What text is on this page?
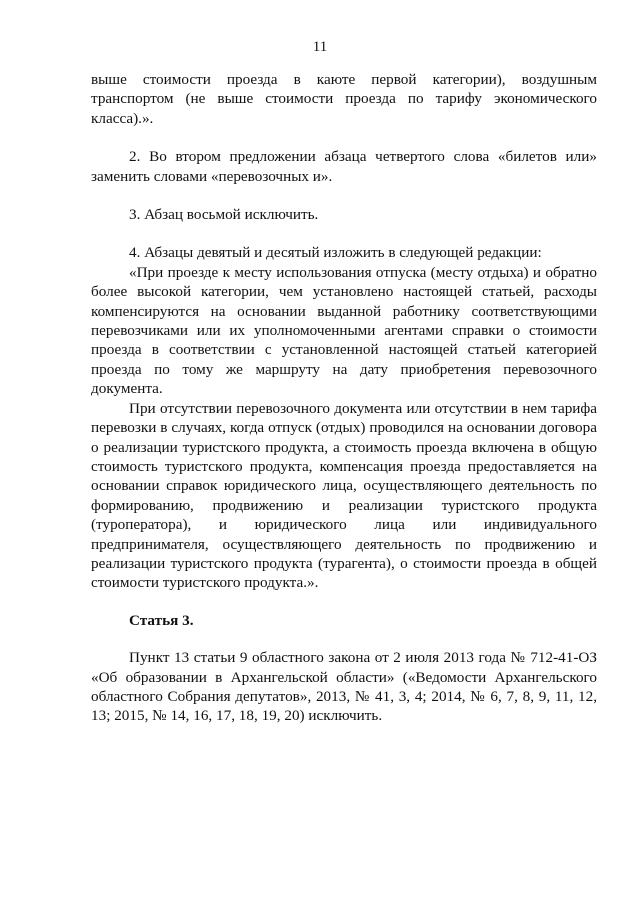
11

выше стоимости проезда в каюте первой категории), воздушным транспортом (не выше стоимости проезда по тарифу экономического класса).».

2. Во втором предложении абзаца четвертого слова «билетов или» заменить словами «перевозочных и».

3. Абзац восьмой исключить.

4. Абзацы девятый и десятый изложить в следующей редакции:

«При проезде к месту использования отпуска (месту отдыха) и обратно более высокой категории, чем установлено настоящей статьей, расходы компенсируются на основании выданной работнику соответствующими перевозчиками или их уполномоченными агентами справки о стоимости проезда в соответствии с установленной настоящей статьей категорией проезда по тому же маршруту на дату приобретения перевозочного документа.

При отсутствии перевозочного документа или отсутствии в нем тарифа перевозки в случаях, когда отпуск (отдых) проводился на основании договора о реализации туристского продукта, а стоимость проезда включена в общую стоимость туристского продукта, компенсация проезда предоставляется на основании справок юридического лица, осуществляющего деятельность по формированию, продвижению и реализации туристского продукта (туроператора), и юридического лица или индивидуального предпринимателя, осуществляющего деятельность по продвижению и реализации туристского продукта (турагента), о стоимости проезда в общей стоимости туристского продукта.».

Статья 3.

Пункт 13 статьи 9 областного закона от 2 июля 2013 года № 712-41-ОЗ «Об образовании в Архангельской области» («Ведомости Архангельского областного Собрания депутатов», 2013, № 41, 3, 4; 2014, № 6, 7, 8, 9, 11, 12, 13; 2015, № 14, 16, 17, 18, 19, 20) исключить.
